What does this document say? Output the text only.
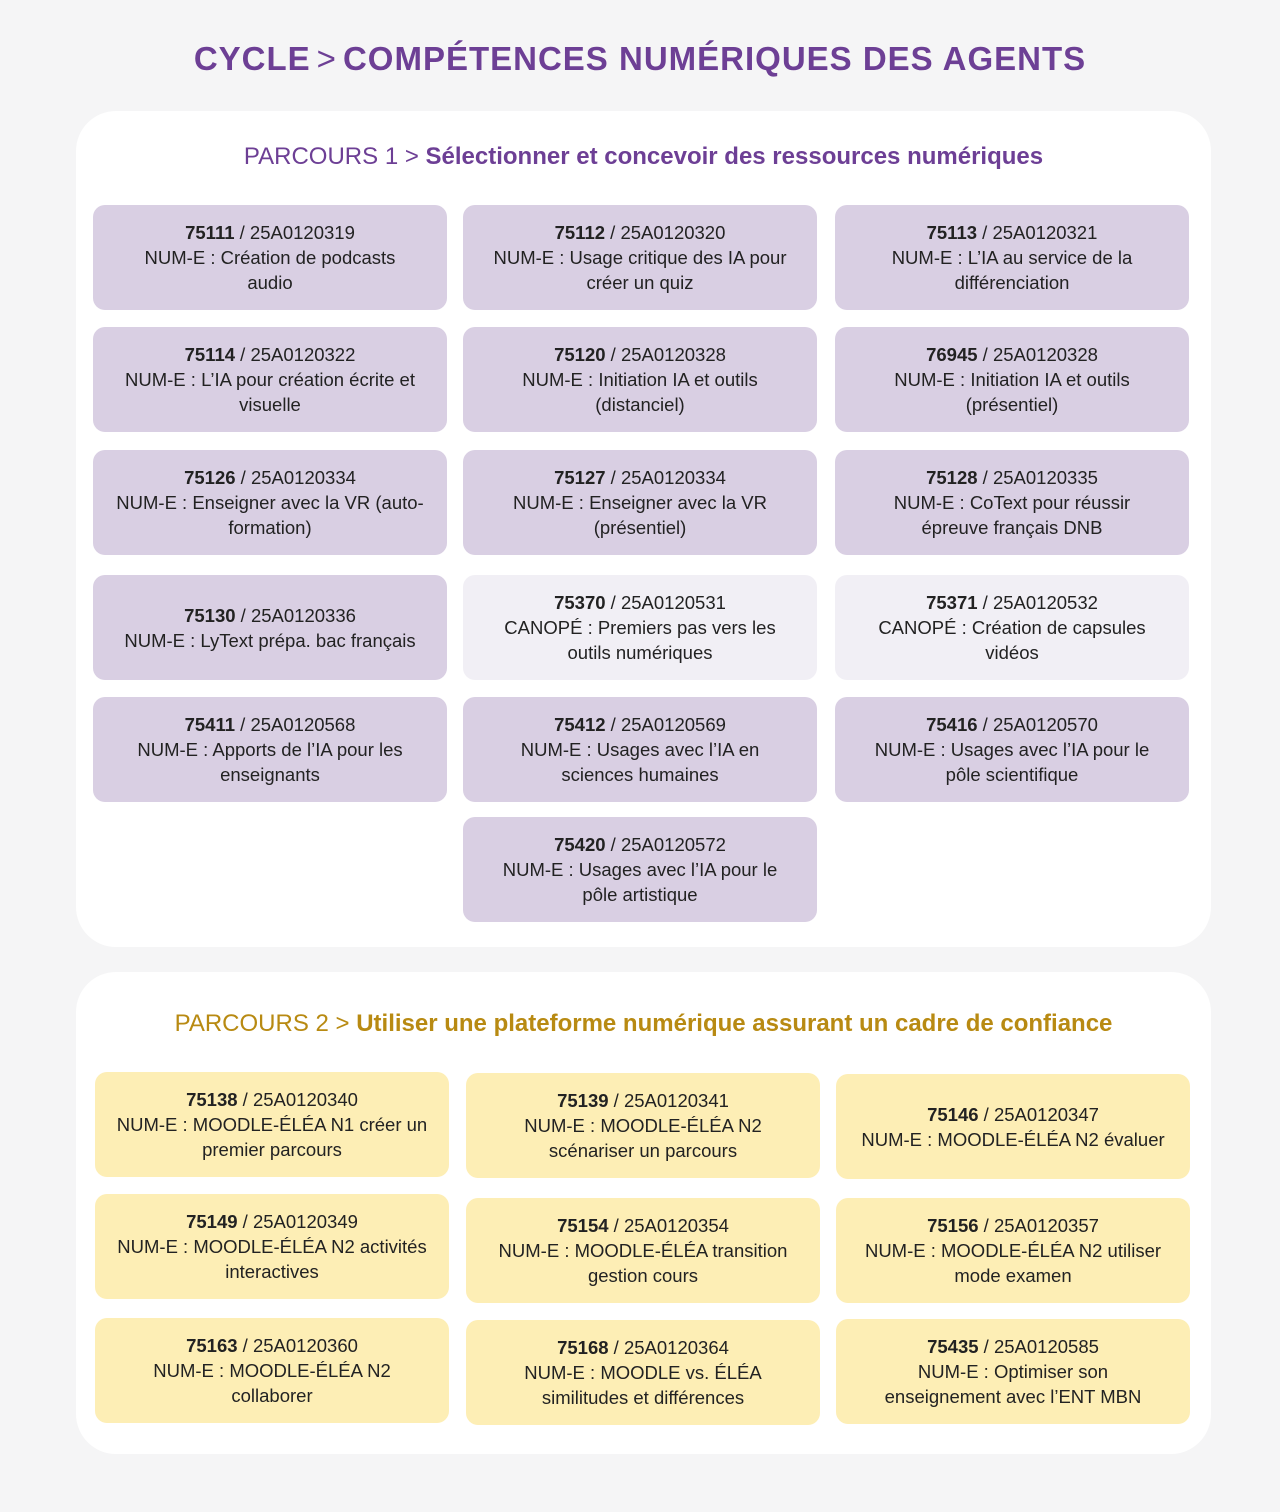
CYCLE > COMPÉTENCES NUMÉRIQUES DES AGENTS
PARCOURS 1 > Sélectionner et concevoir des ressources numériques
75111 / 25A0120319
NUM-E : Création de podcasts
audio
75112 / 25A0120320
NUM-E : Usage critique des IA pour
créer un quiz
75113 / 25A0120321
NUM-E : L’IA au service de la
différenciation
75114 / 25A0120322
NUM-E : L’IA pour création écrite et
visuelle
75120 / 25A0120328
NUM-E : Initiation IA et outils
(distanciel)
76945 / 25A0120328
NUM-E : Initiation IA et outils
(présentiel)
75126 / 25A0120334
NUM-E : Enseigner avec la VR (auto-
formation)
75127 / 25A0120334
NUM-E : Enseigner avec la VR
(présentiel)
75128 / 25A0120335
NUM-E : CoText pour réussir
épreuve français DNB
75130 / 25A0120336
NUM-E : LyText prépa. bac français
75370 / 25A0120531
CANOPÉ : Premiers pas vers les
outils numériques
75371 / 25A0120532
CANOPÉ : Création de capsules
vidéos
75411 / 25A0120568
NUM-E : Apports de l’IA pour les
enseignants
75412 / 25A0120569
NUM-E : Usages avec l’IA en
sciences humaines
75416 / 25A0120570
NUM-E : Usages avec l’IA pour le
pôle scientifique
75420 / 25A0120572
NUM-E : Usages avec l’IA pour le
pôle artistique
PARCOURS 2 > Utiliser une plateforme numérique assurant un cadre de confiance
75138 / 25A0120340
NUM-E : MOODLE-ÉLÉA N1 créer un
premier parcours
75139 / 25A0120341
NUM-E : MOODLE-ÉLÉA N2
scénariser un parcours
75146 / 25A0120347
NUM-E : MOODLE-ÉLÉA N2 évaluer
75149 / 25A0120349
NUM-E : MOODLE-ÉLÉA N2 activités
interactives
75154 / 25A0120354
NUM-E : MOODLE-ÉLÉA transition
gestion cours
75156 / 25A0120357
NUM-E : MOODLE-ÉLÉA N2 utiliser
mode examen
75163 / 25A0120360
NUM-E : MOODLE-ÉLÉA N2
collaborer
75168 / 25A0120364
NUM-E : MOODLE vs. ÉLÉA
similitudes et différences
75435 / 25A0120585
NUM-E : Optimiser son
enseignement avec l’ENT MBN
